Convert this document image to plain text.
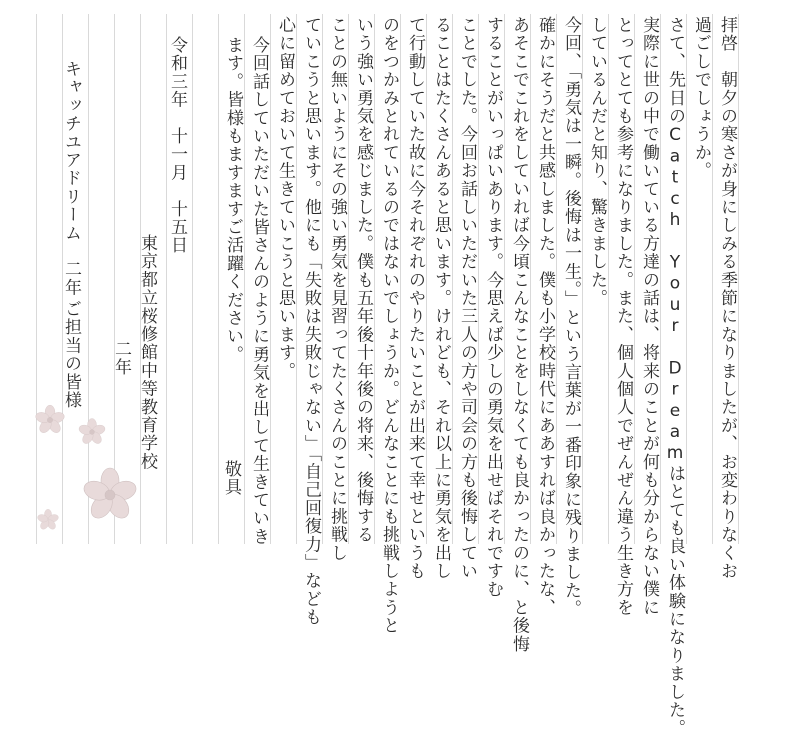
拝啓　朝夕の寒さが身にしみる季節になりましたが、お変わりなくお
過ごしでしょうか。
さて、先日のCatch Your Dreamはとても良い体験になりました。
実際に世の中で働いている方達の話は、将来のことが何も分からない僕に
とってとても参考になりました。また、個人個人でぜんぜん違う生き方を
しているんだと知り、驚きました。
今回、「勇気は一瞬。後悔は一生。」という言葉が一番印象に残りました。
確かにそうだと共感しました。僕も小学校時代にああすれば良かったな、
あそこでこれをしていれば今頃こんなことをしなくても良かったのに、と後悔
することがいっぱいあります。今思えば少しの勇気を出せばそれですむ
ことでした。今回お話しいただいた三人の方や司会の方も後悔してい
ることはたくさんあると思います。けれども、それ以上に勇気を出し
て行動していた故に今それぞれのやりたいことが出来て幸せというも
のをつかみとれているのではないでしょうか。どんなことにも挑戦しようと
いう強い勇気を感じました。僕も五年後十年後の将来、後悔する
ことの無いようにその強い勇気を見習ってたくさんのことに挑戦し
ていこうと思います。他にも「失敗は失敗じゃない」「自己回復力」なども
心に留めておいて生きていこうと思います。
今回話していただいた皆さんのように勇気を出して生きていき
ます。皆様もますますご活躍ください。
敬具
令和三年　十一月　十五日
東京都立桜修館中等教育学校
二年
キャッチユアドリーム　二年
ご担当の皆様
